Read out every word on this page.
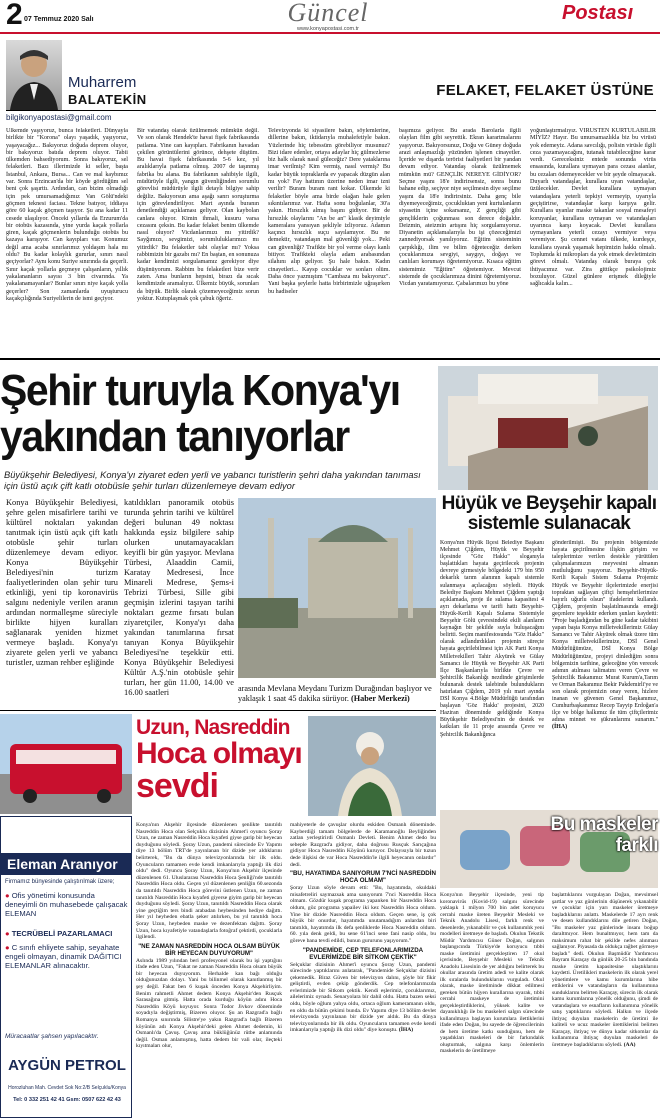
2 07 Temmuz 2020 Salı	Güncel
www.konyapostasi.com.tr
Postası
Muharrem
BALATEKİN
bilgikonyapostasi@gmail.com
FELAKET, FELAKET ÜSTÜNE
Ülkemde yaşıyoruz, bunca felaketleri. Dünyayla birlikte bir "Korona" olayı yaşadık, yaşıyoruz, yaşayacağız... Bakıyoruz doğuda deprem oluyor, bir bakıyoruz batıda deprem oluyor. Tabii ülkemden bahsediyorum. Sonra bakıyoruz, sel felaketleri. Bazı illerimizde ki seller, başta İstanbul, Ankara, Bursa... Can ve mal kaybımız var. Sonra Erzincan'da bir köyde gördüğüm sel beni çok şaşırttı. Ardından, can bizim olmadığı için pek umursamadığımız Van Gölü'ndeki göçmen teknesi faciası. Tekne batıyor, iddiaya göre 60 kaçak göçmen taşıyor. Şu ana kadar 11 cesede ulaşılıyor. Önceki yıllarda da Erzurum'da bir otobüs kazasında, yine yurda kaçak yollarla giren, kaçak göçmenlerin bulunduğu otobüs bu kazaya karışıyor. Can kayıpları var. Konumuz değil ama acaba sınırlarımız yoldaşım hala mı oldu? Bu kadar kolaylık gururlar, sınırı nasıl geçiyorlar? Aynı konu Suriye sınırında da geçerli. Sınır kaçak yollarla geçmeye çalışanların, yıllık yakalananların sayısı 3 bin civarında. Ya yakalanamayanlar? Bunlar sınırı niye kaçak yolla geçerler? Son zamanlarda uyuşturucu kaçakçılığında Suriyelilerin de ismi geçiyor.
Bir vatandaş olarak üzülmemek mümkün değil. Ve son olarak Hendek'te havai fişek fabrikasında patlama. Yine can kayıpları. Fabrikanın havadan çekilen görüntülerini görünce, dehşete düştüm. Bu havai fişek fabrikasında 5-6 kez, yıl aralıklarıyla patlama olmuş. 2007 de taşınmış fabrika bu alana. Bu fabrikanın sahibiyle ilgili, müdürüyle ilgili, yangın güvenliğinden sorumlu görevlisi müdürüyle ilgili detaylı bilgiye sahip değiliz. Bakıyorsun ama aşağı sanrı soruşturma için görevlendiriliyor. Mart ayında buranın denetlendiği açıklaması geliyor. Olan kaybolan canlara oluyor. Kimin ihmali, kusuru varsa cezasını çeksin. Bu kadar felaket benim ülkemde nasıl oluyor? Vicdanlarımızı mı yitirdik? Sayğımızı, sevgimizi, sorumluluklarımızı mı yitirdik? Bu felaketler tabi olaylar mı? Yoksa rabbimizin bir gazabı mı? En baştan, en sonunuza kadar kendimizi sorgulamamız gerekiyor diye düşünüyorum. Rabbim bu felaketleri bize verir zaten. Ama bunların hepsini, birazı da sıcak kendimizde aramalıyız. Ülkemiz büyük, sorunları da büyük. Birlik olarak çözemeyeceğimiz sorun yoktur. Kutuplaşmak çok çabuk öğeriz.
Televizyonda ki siyasilere bakın, söylemlerine, dillerine bakın, iktidarıyla muhalefetiyle bakın. Yüzlerinde hiç tebessüm görebiliyor musunuz? Bizi idare edenler, ortaya adaylar hiç gülmezlerse biz halk olarak nasıl güleceğiz? Dere yataklarına imar verilmiş? Kim vermiş, nasıl vermiş? Bu kadar büyük topraklarda ev yapacak düzgün alan mı yok? Fay hattının üzerine neden imar izni verilir? Buram buram rant kokar. Ülkemde ki felaketler böyle ama birde olağan hale gelen sıkıntılarımız var. Hafta sonu boğulanlar, 30'a yakın. Hırsızlık almış başını gidiyor. Bir de hırsızlık olaylarını "An be an" klasik deyimiyle kameralara yansıyan şekliyle izliyoruz. Adamın kaçıncı hırsızlık suçu sayılamıyor. Bu ne demektir, vatandaşın mal güvenliği yok... Peki can güvenliği? Trafikte bir yol verme olayı kanlı bitiyor. Trafikteki olayla adam arabasından silahını alıp geliyor. Şu hale bakın. Kadın cinayetleri... Kaysp cocuklar ve sonları olüm. Daha önce yazmıştım "Cambaza mı bakıyoruz". Yani başka şeylerle hatta birbirimizle uğraşırken bu hadiseler
başımıza geliyor. Bu arada Barolarla ilgili olayları film gibi seyrettik. Ekran karartmalarını yaşıyoruz. Bakıyorsunuz, Doğu ve Güney doğuda arazi anlaşmazlığı yüzünden işlenen cinayetler. İçeride ve dışarda terörist faaliyetleri bir yandan devam ediyor. Vatandaş olarak üzülmemek mümkün mü? GENÇLİK NEREYE GİDİYOR? Seçme yaşını 18'e indirirsensiz, sonra bunu bahane edip, seçiyor niye seçilmesin diye seçilme yaşını da 18'e indirirsiniz. Daha genç bile diyemeyeceğimiz, çocukluktan yeni kurtulanların siyasetin içine sokarsanız, Z gençliği gibi gençliklerin çoğunması son derece doğaldır. Deizmin, ateizmin artışını hiç sorgulamıyoruz. Diyanetin açıklamalarıyla bu işi çözeceğimizi zannediyorsak yanılıyoruz. Eğitim sisteminin çarpıklığı, ilim ve bilim öğreteceğiz derken çocuklarımıza sevgiyi, saygıyı, doğayı ve canlıları korumayı öğretemiyoruz. Kısaca eğitim sistemimiz "Eğitim" öğretemiyor. Mevcut sistemde de çocuklarımıza dinini öğretemiyoruz. Vicdan yaratamıyoruz. Çabalarımızı bu yöne
yoğunlaştırmalıyız. VİRÜSTEN KURTULABİLİR MİYİZ? Hayır. Bu umursamazlıkla biz bu virüsü yok edemeyiz. Adana savcılığı, polisin virüsle ilgili ceza yazamayacağını, tutanak tutabileceğine karar verdi. Gereceksiniz entede sonunda virüs ensasında, kurallara uymayan para cezası alanlar, bu cezaları ödemeyecekler ve bir şeyde olmayacak. Duyarlı vatandaşlar, kurallara uyan vatandaşlar, üzülecekler. Devlet kurallara uymayan vatandaşlara yeterli tepkiyi vermeyip, uyarıyla geçiştirirse, vatandaşlar karşı karşıya gelir. Kurallara uyanlar maske takanlar sosyal mesafeyi koruyanlar, kurallara uymayan ve vatandaşları uyarınca karşı koyacak. Devlet kurallara uymayanlara yeterli cezayı vermiyor veya veremiyor. Şu cennet vatanı ülkede, kurdeşçe, kurallara uyarak yaşamak hepimizin hakkı olmalı. Toplumda ki mikropları da yok etmek devletimizin görevi olmalı. Vatandaş olarak buraya çok ihtiyacımız var. Zira gittikçe psikolojimiz bozuluyor. Güzel günlere erişmek dileğiyle sağlıcakla kalın...
Şehir turuyla Konya'yı
yakından tanıyorlar
Büyükşehir Belediyesi, Konya'yı ziyaret eden yerli ve yabancı turistlerin şehri daha yakından tanıması için üstü açık çift katlı otobüsle şehir turları düzenlemeye devam ediyor
Konya Büyükşehir Belediyesi, şehre gelen misafirlere tarihi ve kültürel noktaları yakından tanıtmak için üstü açık çift katlı otobüsle şehir turları düzenlemeye devam ediyor. Konya Büyükşehir Belediyesi'nin turizm faaliyetlerinden olan şehir turu etkinliği, yeni tip koronavirüs salgını nedeniyle verilen aranın ardından normalleşme süreciyle birlikte hijyen kuralları sağlanarak yeniden hizmet vermeye başladı. Konya'yı ziyarete gelen yerli ve yabancı turistler, uzman rehber eşliğinde
katıldıkları panoramik otobüs turunda şehrin tarihi ve kültürel değeri bulunan 49 noktası hakkında eşsiz bilgilere sahip olurken unutamayacakları keyifli bir gün yaşıyor. Mevlana Türbesi, Alaaddin Camii, Karatay Medresesi, İnce Minareli Medrese, Şems-i Tebrizi Türbesi, Sille gibi geçmişin izlerini taşıyan tarihi noktaları gezme fırsatı bulan ziyaretçiler, Konya'yı daha yakından tanımlarına fırsat tanıyan Konya Büyükşehir Belediyesi'ne teşekkür etti. Konya Büyükşehir Belediyesi Kültür A.Ş.'nin otobüsle şehir turları, her gün 11.00, 14.00 ve 16.00 saatleri	arasında Mevlana Meydanı Turizm Durağından başlıyor ve yaklaşık 1 saat 45 dakika sürüyor. (Haber Merkezi)
Hüyük ve Beyşehir kapalı
sistemle sulanacak
Konya'nın Hüyük İlçesi Belediye Başkanı Mehmet Çiğdem, Hüyük ve Beyşehir ilçesinde "Göz Hakkı" sloganıyla başlattıkları hayata geçirilecek projenin devreye girmesiyle bölgedeki 179 bin 950 dekarlık tarım alanının kapalı sistemle sulanmaya açılacağını söyledi. Hüyük Belediye Başkanı Mehmet Çiğdem yaptığı açıklamada, proje ile sulama kapasitesi 4 ayrı dekarlama ve tarifi hattı Beyşehir-Hüyük-Kerili Kapalı Sulama Sistemiyle Beyşehir Gölü çevresindeki ekili alanların kaynağın bir şekilde suyla buluşacağını belirtti. Seçim manifestosunda "Göz Hakkı" olarak adlandırdıkları projenin süreçte hayata geçirilebilmesi için AK Parti Konya Milletvekilleri Tahir Akyürek ve Gülay Samancı ile Hüyük ve Beyşehir AK Parti İlçe Başkanlarıyla birlikte Çevre ve Şehircilik Bakanlığı nezdinde girişimlerde bulunarak destek talebinde bulundukların hatırlatan Çiğdem, 2019 yılı mart ayında DSİ Konya 4.Bölge Müdürlüğü tarafından başlayan 'Göz Hakkı' projesini, 2020 Haziran döneminde geldiğinde Konya Büyükşehir Belediyesi'nin de destek ve katkıları ile 11 proje arasında Çevre ve Şehircilik Bakanlığınca
gönderilmişti. Bu projenin bölgemizde hayata geçirilmesine ilişkin girişim ve taleplerimize verilen destekle yürütülen çalışmalarımızın meyvesini almanın mutluluğunu yaşıyoruz. Beyşehir-Hüyük-Kerili Kapalı Sistem Sulama Projemiz Hüyük ve Beyşehir ilçelerimizde enerjisi topraktan sağlayan çiftçi hemşehrilerimize hayırlı uğurlu olsun" ifadelerini kullandı. Çiğdem, projenin başlatılmasında emeği geçenlere teşekkür ederken şunları kaydetti: "Proje başladığından bu güne kadar takibini yapan başta Konya milletvekillerimiz Gülay Samancı ve Tahir Akyürek olmak üzere tüm Konya milletvekillerimize, DSİ Genel Müdürlüğümüze, DSİ Konya Bölge Müdürlüğümüze, projeyi dinlediğim sonra bölgemizin tarihine, geleceğine yön verecek adımın atılması talimatını veren Çevre ve Şehircilik Bakanımız Murat Kurum'a,Tarım ve Orman Bakanımız Bekir Pakdemirli'ye ve son olarak projemizin onay veren, hizlere inanan ve güvenen Genel Başkanımız, Cumhurbaşkanımız Recep Tayyip Erdoğan'a ilçe ve bölge halkımız ile tüm çiftçilerimiz adına minnet ve şükranlarımı sunarım." (İHA)
Uzun, Nasreddin
Hoca olmayı
sevdi
Konya'nın Akşehir ilçesinde düzenlenen şenlikte tanıtıldı Nasreddin Hoca olan Selçuklu dizisinin Ahmet'i oyuncu Şoray Uzun, ne zaman Nasreddin Hoca kıyafeti giyse garip bir heyecan duyduğunu söyledi. Şoray Uzun, pandemi sürecinde Ev Yapımı diye 13 bölüm TRT'de yayınlanan bir dizide yer aldıklarını belirterek, "Bu da dünya televizyonlarında bir ilk oldu. Oyuncuların tamamen evde kendi imkanlarıyla yaptığı ilk dizi oldu" dedi. Oyuncu Şoray Uzun, Konya'nın Akşehir ilçesinde düzenlenen 61. Uluslararası Nasreddin Hoca Şenliği'nde tanıtıldı Nasreddin Hoca oldu. Geçen yıl düzenlenen şenliğin 60.sezonda da tanıtıldı Nasreddin Hoca görevini üstlenen Uzun, ne zaman tanıtıldı Nasreddin Hoca kıyafeti giyerse giyim garip bir heyecan duyduğunu söyledi. Şoray Uzun, tanıtıldı Nasreddin Hoca olarak yine geçtiğim ters bindi arabadan heybesinden hediye dağıttı. Her yıl heyheden ebatla şeker atılırken, bu yıl tanıtıldı hoca Şoray Uzun, heybeden maske ve dezenfektan dağıttı. Şoray Uzun, hoca kıyafetiyle vatandaşlarla fotoğraf çektirdi, çocuklarla ilgilendi.
"NE ZAMAN NASREDDİN HOCA OLSAM BÜYÜK BİR HEYECAN DUYUYORUM"
Aslında 1989 yılından beri profesyonel olarak bu işi yaptığını ifade eden Uzun, "Fakat ne zaman Nasreddin Hoca olsam büyük bir heyecan duyuyorum. Herhalde kan bağı olduğu olduğunuzdan dolayı. Yani bu bilinmel olarak kanıtlanmış bir şey değil. Fakat ben 6 kuşak önceden Konya Akşehirliyim. Benim rahmetli Ahmet dedem Konya Akşehir'den Rusçuk Sarasağına gitmiş. Hatta orada kurduğu köyün adını Hoca Nasreddin Köyü koyuyor. Sonra Todor Jivkov döneminde soyadıyla değiştirmiş, Bizeren oluyor. Şu an Razgrad'a bağlı Romanya sınırında Silistre'ye yakın Razgrad'a bağlı Bizeren köyünün adı Konya Akşehir'deki gelen Ahmet dedemin, ki Osmanlı'da Çavuş. Çavuş ama büklüğünüz rütbe anlamında değil. Osman anlamışmış, hatta dedem bir vali olar, ileçteki kıyıtmaları olur,
mahiyeterle de çavuşlar olurdu eskiden Osmanlı döneminde. Kayberdiği tamam bölgelerde de Karamanoğlu Beyliğinden zatlan yerleştirirdi Osmanlı Devleti. Benim Ahmet dedo bu sebeple Razgrad'a gidiyor, daha doğrusu Rusçuk Sarıçağına gidiyor Hoca Nasreddin Köyünü kuruyor. Dolayısıyla bir tuzun dede ilişkisi de var Hoca Nasreddin'le ilgili heyecanın onlardır" dedi.
"BU, HAYATIMDA SANIYORUM 7'NCİ NASREDDİN HOCA OLMAM"
Şoray Uzun söyle devam etti: "Bu, hayatımda, okuldaki misafetreliri saymazsak ama sanıyorum 7'nci Nasreddin Hoca olmam. Gözdür kuşak programa yapanken bir Nasreddin Hoca oldum, göz programa yapailev iki kez Nasreddin Hoca oldum. Yine bir dizide Nasreddin Hoca oldum. Geçen sene, iş çok büyük bir onurdur, hayatımda unutamadığım anlardan biri tanıtıldı, hayatımda ilk defa şenliklerde Hoca Nasreddin oldum. 60. yıla denk geldi, bu sene 61'inci sene fani nasip oldu, bu göreve bana tevdi edildi, bunun gururunu yaşıyorum."
"PANDEMİDE, CEP TELEFONLARIMIZDA EVLERİMİZDE BİR SİTKOM ÇEKTİK"
Selçuklar dizisinin Ahmet'i oyuncu Şoray Uzun, pandemi sürecinde yaptıklarını anlatarak, "Pandemide Selçuklar dizisini çekemedik. Biraz Güven bir televizyon dalını, şöyle bir fikir geliştirdi, evden çekip gönderdik. Cep telefonlarımızda evlerimizde bir Sitkom çektik. Kendi eşlerimiz, çocuklarımız, ailelerimiz oynadı. Senaryolara bir dahil oldu. Hatta bazen seksi oldu, böyle oğlum yahya oldu, ortaca oğlum kameramanın oldu, en oldu da bütün çekimi bunda. Ev Yapımı diye 13 bölüm devlet televizyonda yayınlanan bir dizide yer aldık. Bu da dünya televizyonlarında bir ilk oldu. Oyuncuların tamamen evde kendi imkanlarıyla yaptığı ilk dizi oldu" diye konuştu. (İHA)
Eleman Aranıyor
Firmamız bünyesinde çalıştırılmak üzere;
● Ofis yönetimi konusunda deneyimli ön muhasebede çalışacak ELEMAN
● TECRÜBELİ PAZARLAMACI
● C sınıfı ehliyete sahip, seyahate engeli olmayan, dinamik DAĞITICI ELEMANLAR alınacaktır.
Müracaatlar şahsen yapılacaktır.
AYGÜN PETROL
Horozluhan Mah. Cevdet Sok No:2/B Selçuklu/Konya
Tel: 0 332 251 42 41 Gsm: 0507 622 42 43
Bu maskeler
farklı
Konya'nın Beyşehir ilçesinde, yeni tip koronavirüs (Kovid-19) salgını sürecinde yaklaşık 1 milyon 700 bin adet koruyucu cerrahi maske üreten Beyşehir Mesleki ve Teknik Anadolu Lisesi, farklı renk ve desenlerde, yıkanabilir ve çok kullanımlık yeni modelleri üretmeye de başladı. Okulun Tekstik Müdür Yardımcısı Güner Doğan, salgının başlangıcında Türkiye'de koruyucu tıbbi maske üretimini gerçekleştiren 17 okul içerisinde, Beyşehir Mesleki ve Teknik Anadolu Lisesinin de yer aldığını belirterek bu okullar arasında üretim adedi ve kalite olarak ilk sıralarda bulunduklarını vurguladı. Okul olarak, maske üretiminde dikkat edilmesi gereken bütün hijyen kurallarına uyarak, tıbbi cerrahi maskeye de üretimini gerçekleştirdiklerini, yüksek kalite ve dayanıklılığı ile bu maskeleri salgın sürecinde kullanılmaya başlayan kurumlara ilettiklerini ifade eden Doğan, bu sayede de öğrencilerinin de hem üretime katkı sunduğunu, hem de yaşadıkları maskeleri de bir farkındalık oluşturmak, salgına karşı önlemlerin maskelerin de üretilmeye
başlattıklarını vurgulayan Doğan, mevsimsel şartlar ve yaz günlerinin düşünerek yıkanabilir ve çocuklar için yarı maskeler üretmeye başladıklarını anlattı. Maskelerde 17 ayrı renk ve desen kullandıklarını dile getiren Doğan, "Bu maskeler yaz günlerinde insanı boğup daraltmıyor. Hem bunaltmıyor, hem tam da maksimum rahat bir şekilde nefes alınması sağlanıyor. Piyasada da oldukça rağbet görmeye başladı" dedi. Okulun Başmüdür Yardımcısı Bayram Karaçay da günlük 20-25 bin bandında maske üretim kapasitesine ulaştıklarını kaydetti. Üretilikleri maskelerin ilk olarak yerel yönetimlere ve kamu kurumlarına hibe ettiklerini ve vatandaşların da kullanımına sunduklarını belirten Karaçay, sürecin ilk olarak kamu kurumlarına yönelik olduğunu, şimdi de vatandaşlara ve esnafların kullanımına yönelik satış yaptıklarını söyledi. Halkın ve ilçede ihtiyaç duyulan maskelerin de üretimi ile kaliteli ve ucuz maskeler ürettiklerini belirten Karaçay, ihtiyaç ve dünya kadar sitkomlar da kullanımına ihtiyaç duyulan maskeleri de üretmeye başladıklarını söyledi. (AA)
